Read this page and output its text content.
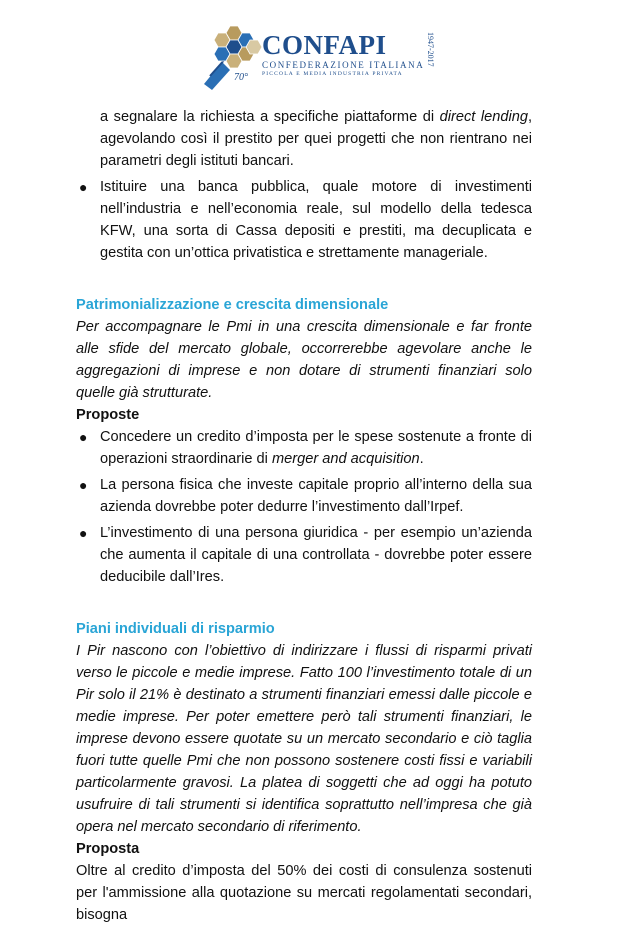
70°
CONFAPI
CONFEDERAZIONE ITALIANA
PICCOLA E MEDIA INDUSTRIA PRIVATA
1947-2017

a segnalare la richiesta a specifiche piattaforme di direct lending, agevolando così il prestito per quei progetti che non rientrano nei parametri degli istituti bancari.

● Istituire una banca pubblica, quale motore di investimenti nell’industria e nell’economia reale, sul modello della tedesca KFW, una sorta di Cassa depositi e prestiti, ma decuplicata e gestita con un’ottica privatistica e strettamente manageriale.

Patrimonializzazione e crescita dimensionale

Per accompagnare le Pmi in una crescita dimensionale e far fronte alle sfide del mercato globale, occorrerebbe agevolare anche le aggregazioni di imprese e non dotare di strumenti finanziari solo quelle già strutturate.

Proposte

● Concedere un credito d’imposta per le spese sostenute a fronte di operazioni straordinarie di merger and acquisition.
● La persona fisica che investe capitale proprio all’interno della sua azienda dovrebbe poter dedurre l’investimento dall’Irpef.
● L’investimento di una persona giuridica - per esempio un’azienda che aumenta il capitale di una controllata - dovrebbe poter essere deducibile dall’Ires.

Piani individuali di risparmio

I Pir nascono con l’obiettivo di indirizzare i flussi di risparmi privati verso le piccole e medie imprese. Fatto 100 l’investimento totale di un Pir solo il 21% è destinato a strumenti finanziari emessi dalle piccole e medie imprese. Per poter emettere però tali strumenti finanziari, le imprese devono essere quotate su un mercato secondario e ciò taglia fuori tutte quelle Pmi che non possono sostenere costi fissi e variabili particolarmente gravosi. La platea di soggetti che ad oggi ha potuto usufruire di tali strumenti si identifica soprattutto nell’impresa che già opera nel mercato secondario di riferimento.

Proposta

Oltre al credito d’imposta del 50% dei costi di consulenza sostenuti per l'ammissione alla quotazione su mercati regolamentati secondari, bisogna
